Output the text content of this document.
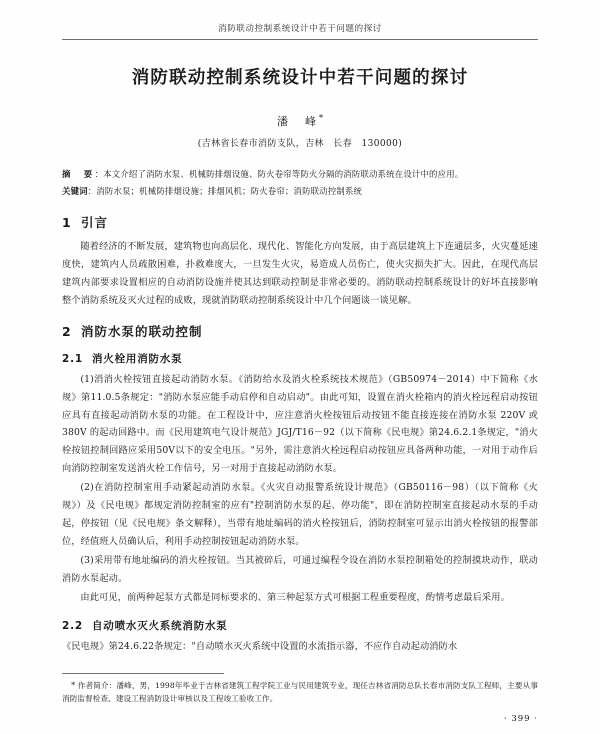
消防联动控制系统设计中若干问题的探讨
消防联动控制系统设计中若干问题的探讨
潘　峰*
(吉林省长春市消防支队，吉林　长春　130000)
摘　要：本文介绍了消防水泵、机械防排烟设施、防火卷帘等防火分隔的消防联动系统在设计中的应用。
关键词：消防水泵；机械防排烟设施；排烟风机；防火卷帘；消防联动控制系统
1 引言

随着经济的不断发展，建筑物也向高层化、现代化、智能化方向发展，由于高层建筑上下连通层多，火灾蔓延速度快，建筑内人员疏散困难，扑救难度大，一旦发生火灾，易造成人员伤亡，使火灾损失扩大。因此，在现代高层建筑内部要求设置相应的自动消防设施并使其达到联动控制是非常必要的。消防联动控制系统设计的好坏直接影响整个消防系统及灭火过程的成败，现就消防联动控制系统设计中几个问题谈一谈见解。

2 消防水泵的联动控制
2.1 消火栓用消防水泵

(1)消消火栓按钮直接起动消防水泵。《消防给水及消火栓系统技术规范》（GB50974－2014）中下简称《水规》第11.0.5条规定："消防水泵应能手动启停和自动启动"。由此可知，设置在消火栓箱内的消火栓远程启动按钮应具有直接起动消防水泵的功能。在工程设计中，应注意消火栓按钮后动按钮不能直接连接在消防水泵 220V 或 380V 的起动回路中。而《民用建筑电气设计规范》JGJ/T16－92（以下简称《民电规》第24.6.2.1条规定，"消火栓按钮控制回路应采用50V以下的安全电压。"另外，需注意消火栓远程启动按钮应具备两种功能，一对用于动作后向消防控制室发送消火栓工作信号，另一对用于直接起动消防水泵。

(2)在消防控制室用手动紧起动消防水泵。《火灾自动报警系统设计规范》（GB50116－98）（以下简称《火规》）及《民电规》都规定消防控制室的应有"控制消防水泵的起、停功能"，即在消防控制室直接起动水泵的手动起，停按钮（见《民电规》条文解释），当带有地址编码的消火栓按钮后，消防控制室可显示出消火栓按钮的报警部位，经值班人员确认后，利用手动控制按钮起动消防水泵。

(3)采用带有地址编码的消火栓按钮。当其被碎后，可通过编程令设在消防水泵控制箱处的控制摸块动作，联动消防水泵起动。

由此可见，前两种起泵方式都是同标要求的、第三种起泵方式可根据工程重要程度，酌情考虑最后采用。

2.2 自动喷水灭火系统消防水泵

《民电规》第24.6.22条规定："自动喷水灭火系统中设置的水流指示器，不应作自动起动消防水

* 作者简介：潘峰，男，1998年毕业于吉林省建筑工程学院工业与民用建筑专业，现任吉林省消防总队长春市消防支队工程师，主要从事消防监督检查、建设工程消防设计审核以及工程竣工验收工作。
· 399 ·
